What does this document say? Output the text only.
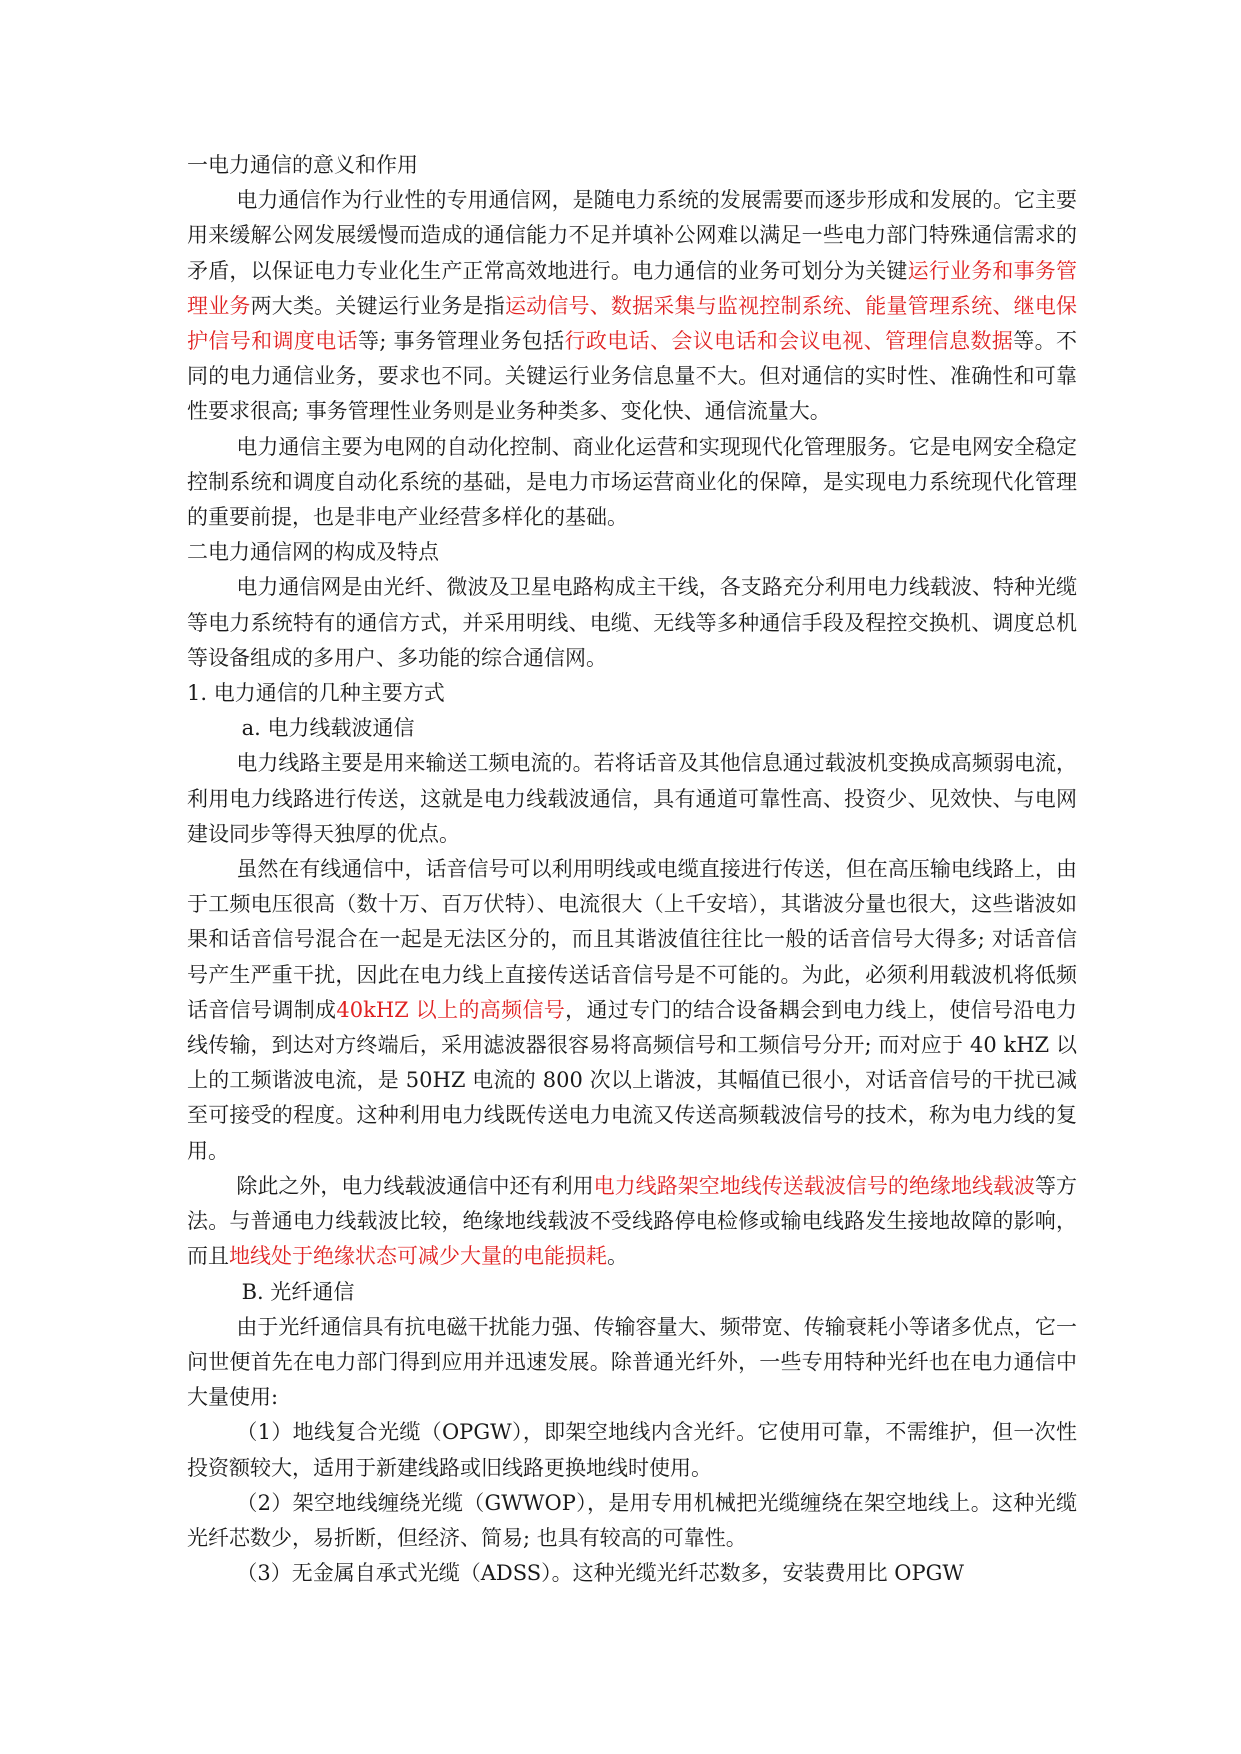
一电力通信的意义和作用

电力通信作为行业性的专用通信网，是随电力系统的发展需要而逐步形成和发展的。它主要用来缓解公网发展缓慢而造成的通信能力不足并填补公网难以满足一些电力部门特殊通信需求的矛盾，以保证电力专业化生产正常高效地进行。电力通信的业务可划分为关键运行业务和事务管理业务两大类。关键运行业务是指运动信号、数据采集与监视控制系统、能量管理系统、继电保护信号和调度电话等; 事务管理业务包括行政电话、会议电话和会议电视、管理信息数据等。不同的电力通信业务，要求也不同。关键运行业务信息量不大。但对通信的实时性、准确性和可靠性要求很高; 事务管理性业务则是业务种类多、变化快、通信流量大。

电力通信主要为电网的自动化控制、商业化运营和实现现代化管理服务。它是电网安全稳定控制系统和调度自动化系统的基础，是电力市场运营商业化的保障，是实现电力系统现代化管理的重要前提，也是非电产业经营多样化的基础。

二电力通信网的构成及特点

电力通信网是由光纤、微波及卫星电路构成主干线，各支路充分利用电力线载波、特种光缆等电力系统特有的通信方式，并采用明线、电缆、无线等多种通信手段及程控交换机、调度总机等设备组成的多用户、多功能的综合通信网。

1. 电力通信的几种主要方式

a. 电力线载波通信

电力线路主要是用来输送工频电流的。若将话音及其他信息通过载波机变换成高频弱电流，利用电力线路进行传送，这就是电力线载波通信，具有通道可靠性高、投资少、见效快、与电网建设同步等得天独厚的优点。

虽然在有线通信中，话音信号可以利用明线或电缆直接进行传送，但在高压输电线路上，由于工频电压很高（数十万、百万伏特）、电流很大（上千安培），其谐波分量也很大，这些谐波如果和话音信号混合在一起是无法区分的，而且其谐波值往往比一般的话音信号大得多; 对话音信号产生严重干扰，因此在电力线上直接传送话音信号是不可能的。为此，必须利用载波机将低频话音信号调制成40kHZ 以上的高频信号，通过专门的结合设备耦会到电力线上，使信号沿电力线传输，到达对方终端后，采用滤波器很容易将高频信号和工频信号分开; 而对应于 40 kHZ 以上的工频谐波电流，是 50HZ 电流的 800 次以上谐波，其幅值已很小，对话音信号的干扰已减至可接受的程度。这种利用电力线既传送电力电流又传送高频载波信号的技术，称为电力线的复用。

除此之外，电力线载波通信中还有利用电力线路架空地线传送载波信号的绝缘地线载波等方法。与普通电力线载波比较，绝缘地线载波不受线路停电检修或输电线路发生接地故障的影响，而且地线处于绝缘状态可减少大量的电能损耗。

B. 光纤通信

由于光纤通信具有抗电磁干扰能力强、传输容量大、频带宽、传输衰耗小等诸多优点，它一问世便首先在电力部门得到应用并迅速发展。除普通光纤外，一些专用特种光纤也在电力通信中大量使用:

（1）地线复合光缆（OPGW），即架空地线内含光纤。它使用可靠，不需维护，但一次性投资额较大，适用于新建线路或旧线路更换地线时使用。

（2）架空地线缠绕光缆（GWWOP），是用专用机械把光缆缠绕在架空地线上。这种光缆光纤芯数少，易折断，但经济、简易; 也具有较高的可靠性。

（3）无金属自承式光缆（ADSS）。这种光缆光纤芯数多，安装费用比 OPGW
